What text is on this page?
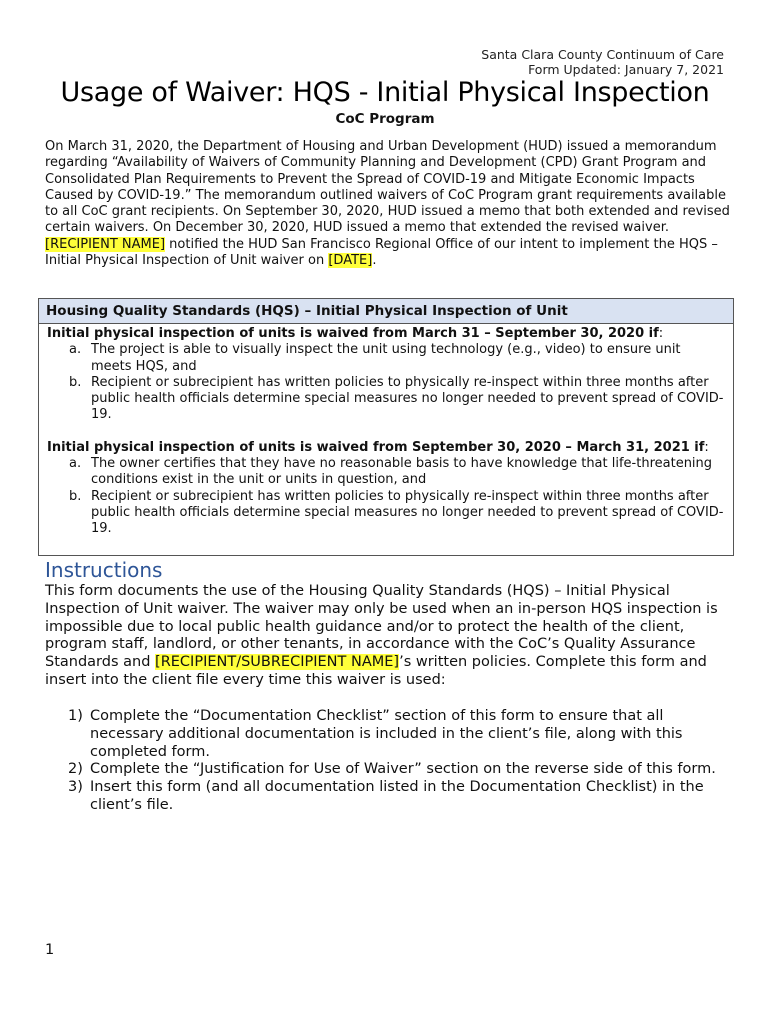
Santa Clara County Continuum of Care
Form Updated: January 7, 2021
Usage of Waiver: HQS - Initial Physical Inspection
CoC Program
On March 31, 2020, the Department of Housing and Urban Development (HUD) issued a memorandum regarding “Availability of Waivers of Community Planning and Development (CPD) Grant Program and Consolidated Plan Requirements to Prevent the Spread of COVID-19 and Mitigate Economic Impacts Caused by COVID-19.” The memorandum outlined waivers of CoC Program grant requirements available to all CoC grant recipients. On September 30, 2020, HUD issued a memo that both extended and revised certain waivers. On December 30, 2020, HUD issued a memo that extended the revised waiver. [RECIPIENT NAME] notified the HUD San Francisco Regional Office of our intent to implement the HQS – Initial Physical Inspection of Unit waiver on [DATE].
Housing Quality Standards (HQS) – Initial Physical Inspection of Unit
Initial physical inspection of units is waived from March 31 – September 30, 2020 if:
a. The project is able to visually inspect the unit using technology (e.g., video) to ensure unit meets HQS, and
b. Recipient or subrecipient has written policies to physically re-inspect within three months after public health officials determine special measures no longer needed to prevent spread of COVID-19.
Initial physical inspection of units is waived from September 30, 2020 – March 31, 2021 if:
a. The owner certifies that they have no reasonable basis to have knowledge that life-threatening conditions exist in the unit or units in question, and
b. Recipient or subrecipient has written policies to physically re-inspect within three months after public health officials determine special measures no longer needed to prevent spread of COVID-19.
Instructions
This form documents the use of the Housing Quality Standards (HQS) – Initial Physical Inspection of Unit waiver. The waiver may only be used when an in-person HQS inspection is impossible due to local public health guidance and/or to protect the health of the client, program staff, landlord, or other tenants, in accordance with the CoC’s Quality Assurance Standards and [RECIPIENT/SUBRECIPIENT NAME]’s written policies. Complete this form and insert into the client file every time this waiver is used:
1) Complete the “Documentation Checklist” section of this form to ensure that all necessary additional documentation is included in the client’s file, along with this completed form.
2) Complete the “Justification for Use of Waiver” section on the reverse side of this form.
3) Insert this form (and all documentation listed in the Documentation Checklist) in the client’s file.
1
